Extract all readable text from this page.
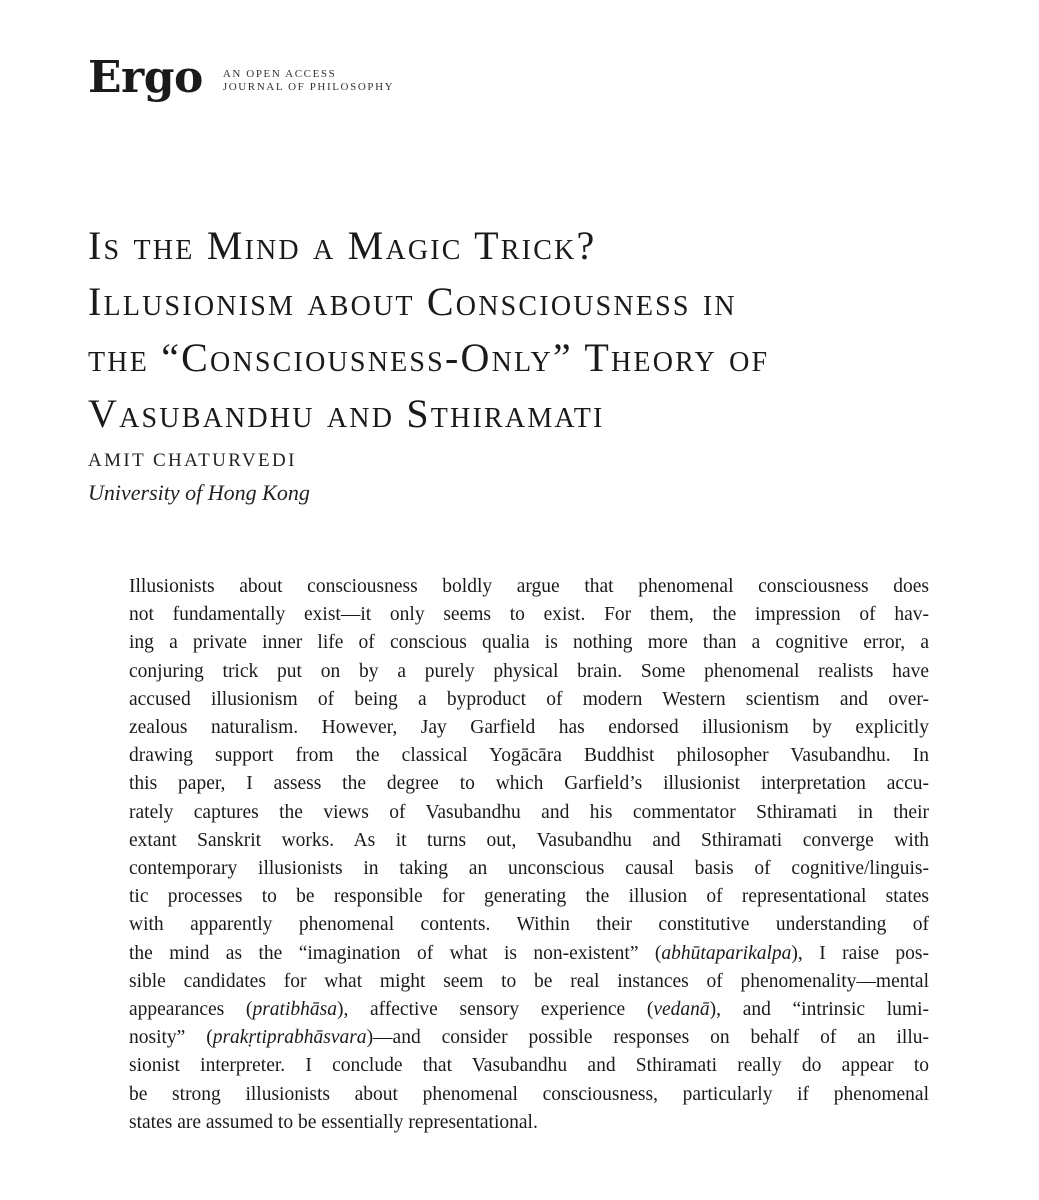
Ergo AN OPEN ACCESS
JOURNAL OF PHILOSOPHY
Is the Mind a Magic Trick?
Illusionism about Consciousness in
the “Consciousness-Only” Theory of
Vasubandhu and Sthiramati
AMIT CHATURVEDI
University of Hong Kong

Illusionists about consciousness boldly argue that phenomenal consciousness does
not fundamentally exist—it only seems to exist. For them, the impression of hav-
ing a private inner life of conscious qualia is nothing more than a cognitive error, a
conjuring trick put on by a purely physical brain. Some phenomenal realists have
accused illusionism of being a byproduct of modern Western scientism and over-
zealous naturalism. However, Jay Garfield has endorsed illusionism by explicitly
drawing support from the classical Yogācāra Buddhist philosopher Vasubandhu. In
this paper, I assess the degree to which Garfield’s illusionist interpretation accu-
rately captures the views of Vasubandhu and his commentator Sthiramati in their
extant Sanskrit works. As it turns out, Vasubandhu and Sthiramati converge with
contemporary illusionists in taking an unconscious causal basis of cognitive/linguis-
tic processes to be responsible for generating the illusion of representational states
with apparently phenomenal contents. Within their constitutive understanding of
the mind as the “imagination of what is non-existent” (abhūtaparikalpa), I raise pos-
sible candidates for what might seem to be real instances of phenomenality—mental
appearances (pratibhāsa), affective sensory experience (vedanā), and “intrinsic lumi-
nosity” (prakṛtiprabhāsvara)—and consider possible responses on behalf of an illu-
sionist interpreter. I conclude that Vasubandhu and Sthiramati really do appear to
be strong illusionists about phenomenal consciousness, particularly if phenomenal
states are assumed to be essentially representational.
